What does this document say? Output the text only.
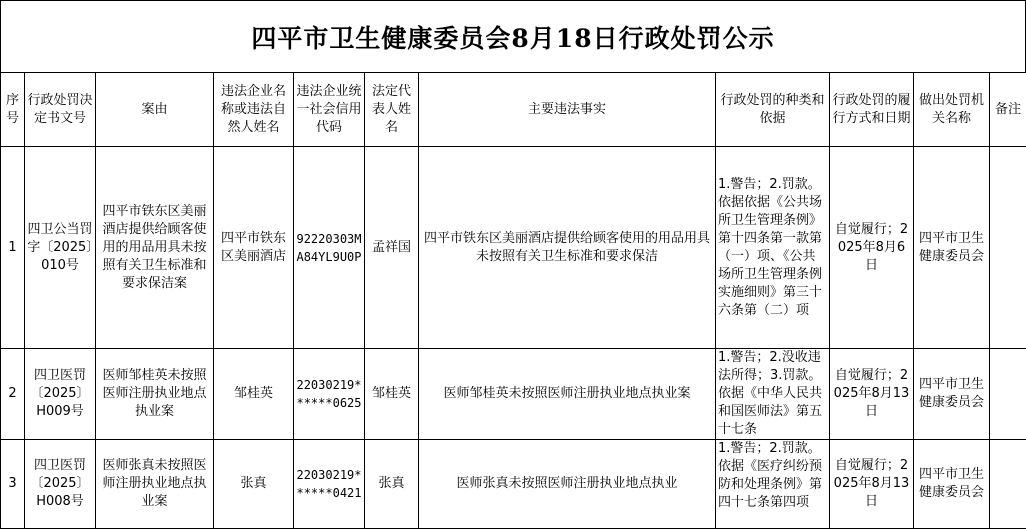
四平市卫生健康委员会8月18日行政处罚公示
序号	行政处罚决定书文号	案由	违法企业名称或违法自然人姓名	违法企业统一社会信用代码	法定代表人姓名	主要违法事实	行政处罚的种类和依据	行政处罚的履行方式和日期	做出处罚机关名称	备注
1	四卫公当罚字〔2025〕010号	四平市铁东区美丽酒店提供给顾客使用的用品用具未按照有关卫生标准和要求保洁案	四平市铁东区美丽酒店	92220303MA84YL9U0P	孟祥国	四平市铁东区美丽酒店提供给顾客使用的用品用具未按照有关卫生标准和要求保洁	1.警告；2.罚款。依据依据《公共场所卫生管理条例》第十四条第一款第（一）项、《公共场所卫生管理条例实施细则》第三十六条第（二）项	自觉履行；2025年8月6日	四平市卫生健康委员会	
2	四卫医罚〔2025〕H009号	医师邹桂英未按照医师注册执业地点执业案	邹桂英	22030219******0625	邹桂英	医师邹桂英未按照医师注册执业地点执业案	1.警告；2.没收违法所得；3.罚款。依据《中华人民共和国医师法》第五十七条	自觉履行；2025年8月13日	四平市卫生健康委员会	
3	四卫医罚〔2025〕H008号	医师张真未按照医师注册执业地点执业案	张真	22030219******0421	张真	医师张真未按照医师注册执业地点执业	1.警告；2.罚款。依据《医疗纠纷预防和处理条例》第四十七条第四项	自觉履行；2025年8月13日	四平市卫生健康委员会	
